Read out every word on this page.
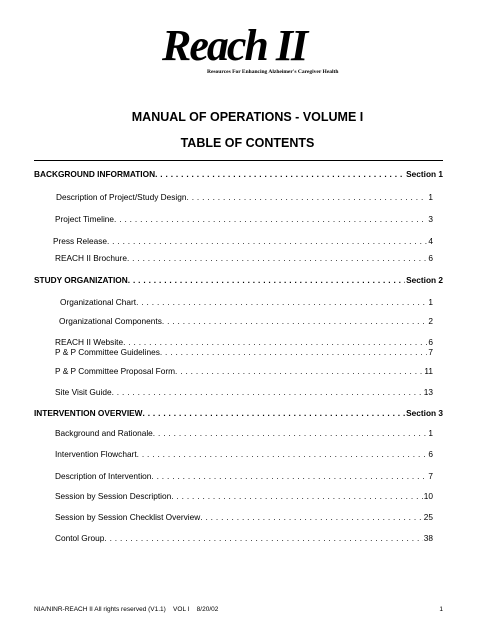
Reach II
Resources For Enhancing Alzheimer's Caregiver Health
MANUAL OF OPERATIONS - VOLUME I
TABLE OF CONTENTS
BACKGROUND INFORMATION . . .	Section 1
Description of Project/Study Design . . .	1
Project Timeline . . .	3
Press Release . . .	4
REACH II Brochure . . .	6
STUDY ORGANIZATION . . .	Section 2
Organizational Chart . . .	1
Organizational Components . . .	2
REACH II Website . . .	6
P & P Committee Guidelines . . .	7
P & P Committee Proposal Form . . .	11
Site Visit Guide . . .	13
INTERVENTION OVERVIEW . . .	Section 3
Background and Rationale . . .	1
Intervention Flowchart . . .	6
Description of Intervention . . .	7
Session by Session Description . . .	10
Session by Session Checklist Overview . . .	25
Contol Group . . .	38
NIA/NINR-REACH II All rights reserved (V1.1)    VOL I    8/20/02	1
